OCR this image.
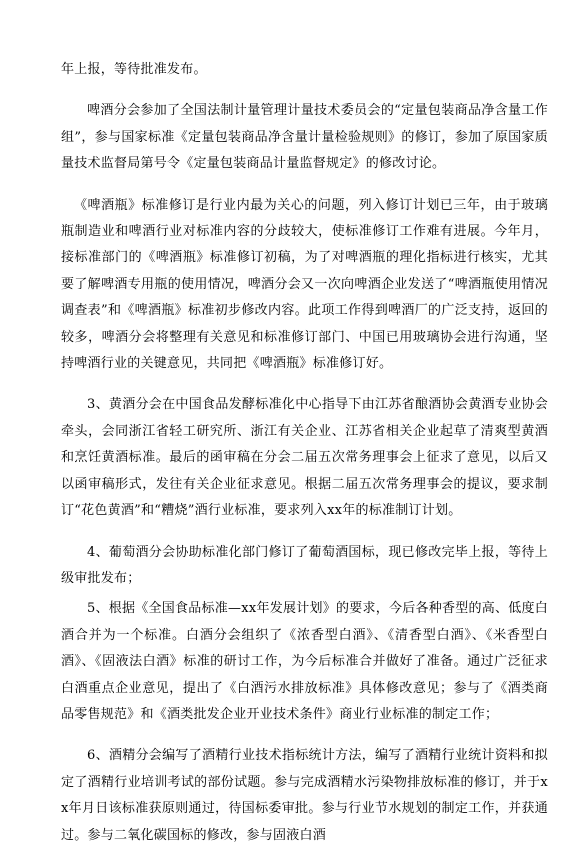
年上报，等待批准发布。

啤酒分会参加了全国法制计量管理计量技术委员会的“定量包装商品净含量工作组”，参与国家标准《定量包装商品净含量计量检验规则》的修订，参加了原国家质量技术监督局第号令《定量包装商品计量监督规定》的修改讨论。

《啤酒瓶》标准修订是行业内最为关心的问题，列入修订计划已三年，由于玻璃瓶制造业和啤酒行业对标准内容的分歧较大，使标准修订工作难有进展。今年月，接标准部门的《啤酒瓶》标准修订初稿，为了对啤酒瓶的理化指标进行核实，尤其要了解啤酒专用瓶的使用情况，啤酒分会又一次向啤酒企业发送了“啤酒瓶使用情况调查表”和《啤酒瓶》标准初步修改内容。此项工作得到啤酒厂的广泛支持，返回的较多，啤酒分会将整理有关意见和标准修订部门、中国已用玻璃协会进行沟通，坚持啤酒行业的关键意见，共同把《啤酒瓶》标准修订好。

3、黄酒分会在中国食品发酵标准化中心指导下由江苏省酿酒协会黄酒专业协会牵头，会同浙江省轻工研究所、浙江有关企业、江苏省相关企业起草了清爽型黄酒和烹饪黄酒标准。最后的函审稿在分会二届五次常务理事会上征求了意见，以后又以函审稿形式，发往有关企业征求意见。根据二届五次常务理事会的提议，要求制订“花色黄酒”和“糟烧”酒行业标准，要求列入xx年的标准制订计划。

4、葡萄酒分会协助标准化部门修订了葡萄酒国标，现已修改完毕上报，等待上级审批发布；

5、根据《全国食品标准—xx年发展计划》的要求，今后各种香型的高、低度白酒合并为一个标准。白酒分会组织了《浓香型白酒》、《清香型白酒》、《米香型白酒》、《固液法白酒》标准的研讨工作，为今后标准合并做好了准备。通过广泛征求白酒重点企业意见，提出了《白酒污水排放标准》具体修改意见；参与了《酒类商品零售规范》和《酒类批发企业开业技术条件》商业行业标准的制定工作；

6、酒精分会编写了酒精行业技术指标统计方法，编写了酒精行业统计资料和拟定了酒精行业培训考试的部份试题。参与完成酒精水污染物排放标准的修订，并于xx年月日该标准获原则通过，待国标委审批。参与行业节水规划的制定工作，并获通过。参与二氧化碳国标的修改，参与固液白酒
